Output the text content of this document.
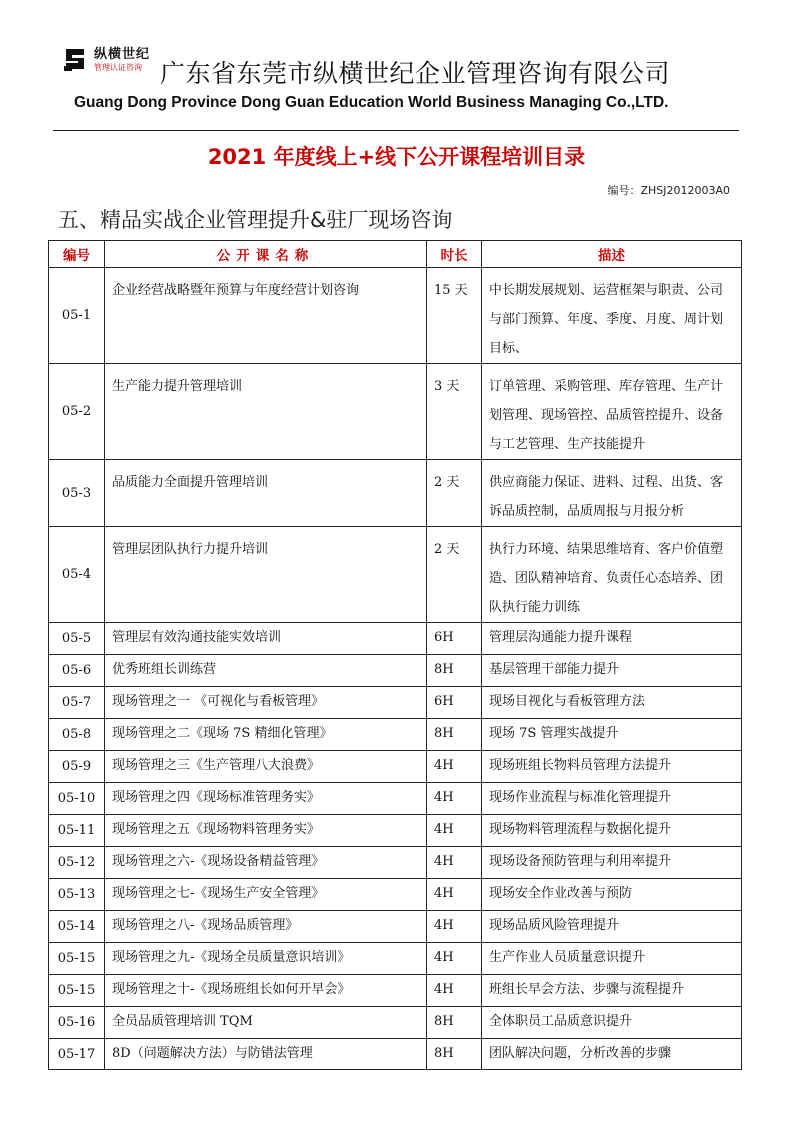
纵横世纪
管理认证咨询 广东省东莞市纵横世纪企业管理咨询有限公司
Guang Dong Province Dong Guan Education World Business Managing Co.,LTD.
2021 年度线上+线下公开课程培训目录
编号：ZHSJ2012003A0
五、精品实战企业管理提升&驻厂现场咨询
编号	公开课名称	时长	描述
05-1	企业经营战略暨年预算与年度经营计划咨询	15 天	中长期发展规划、运营框架与职责、公司与部门预算、年度、季度、月度、周计划目标、

05-2	生产能力提升管理培训	3 天	订单管理、采购管理、库存管理、生产计划管理、现场管控、品质管控提升、设备与工艺管理、生产技能提升

05-3	品质能力全面提升管理培训	2 天	供应商能力保证、进料、过程、出货、客诉品质控制，品质周报与月报分析

05-4	管理层团队执行力提升培训	2 天	执行力环境、结果思维培育、客户价值塑造、团队精神培育、负责任心态培养、团队执行能力训练

05-5	管理层有效沟通技能实效培训	6H	管理层沟通能力提升课程

05-6	优秀班组长训练营	8H	基层管理干部能力提升

05-7	现场管理之一 《可视化与看板管理》	6H	现场目视化与看板管理方法

05-8	现场管理之二《现场 7S 精细化管理》	8H	现场 7S 管理实战提升

05-9	现场管理之三《生产管理八大浪费》	4H	现场班组长物料员管理方法提升

05-10	现场管理之四《现场标准管理务实》	4H	现场作业流程与标准化管理提升

05-11	现场管理之五《现场物料管理务实》	4H	现场物料管理流程与数据化提升

05-12	现场管理之六-《现场设备精益管理》	4H	现场设备预防管理与利用率提升

05-13	现场管理之七-《现场生产安全管理》	4H	现场安全作业改善与预防

05-14	现场管理之八-《现场品质管理》	4H	现场品质风险管理提升

05-15	现场管理之九-《现场全员质量意识培训》	4H	生产作业人员质量意识提升

05-15	现场管理之十-《现场班组长如何开早会》	4H	班组长早会方法、步骤与流程提升

05-16	全员品质管理培训 TQM	8H	全体职员工品质意识提升

05-17	8D（问题解决方法）与防错法管理	8H	团队解决问题，分析改善的步骤
